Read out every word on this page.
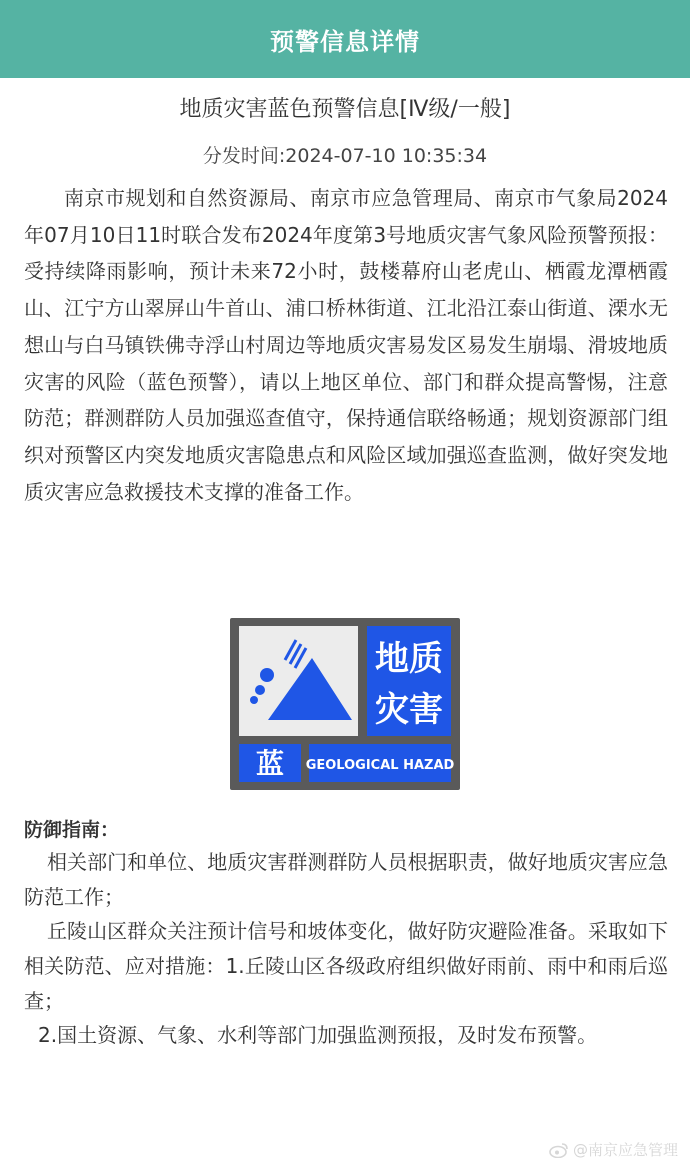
预警信息详情
地质灾害蓝色预警信息[Ⅳ级/一般]
分发时间:2024-07-10 10:35:34

南京市规划和自然资源局、南京市应急管理局、南京市气象局2024年07月10日11时联合发布2024年度第3号地质灾害气象风险预警预报：受持续降雨影响，预计未来72小时，鼓楼幕府山老虎山、栖霞龙潭栖霞山、江宁方山翠屏山牛首山、浦口桥林街道、江北沿江泰山街道、溧水无想山与白马镇铁佛寺浮山村周边等地质灾害易发区易发生崩塌、滑坡地质灾害的风险（蓝色预警），请以上地区单位、部门和群众提高警惕，注意防范；群测群防人员加强巡查值守，保持通信联络畅通；规划资源部门组织对预警区内突发地质灾害隐患点和风险区域加强巡查监测，做好突发地质灾害应急救援技术支撑的准备工作。

地质
灾害
蓝 GEOLOGICAL HAZAD
防御指南：

相关部门和单位、地质灾害群测群防人员根据职责，做好地质灾害应急防范工作；

丘陵山区群众关注预计信号和坡体变化，做好防灾避险准备。采取如下相关防范、应对措施：1.丘陵山区各级政府组织做好雨前、雨中和雨后巡查；

2.国土资源、气象、水利等部门加强监测预报，及时发布预警。

@南京应急管理
